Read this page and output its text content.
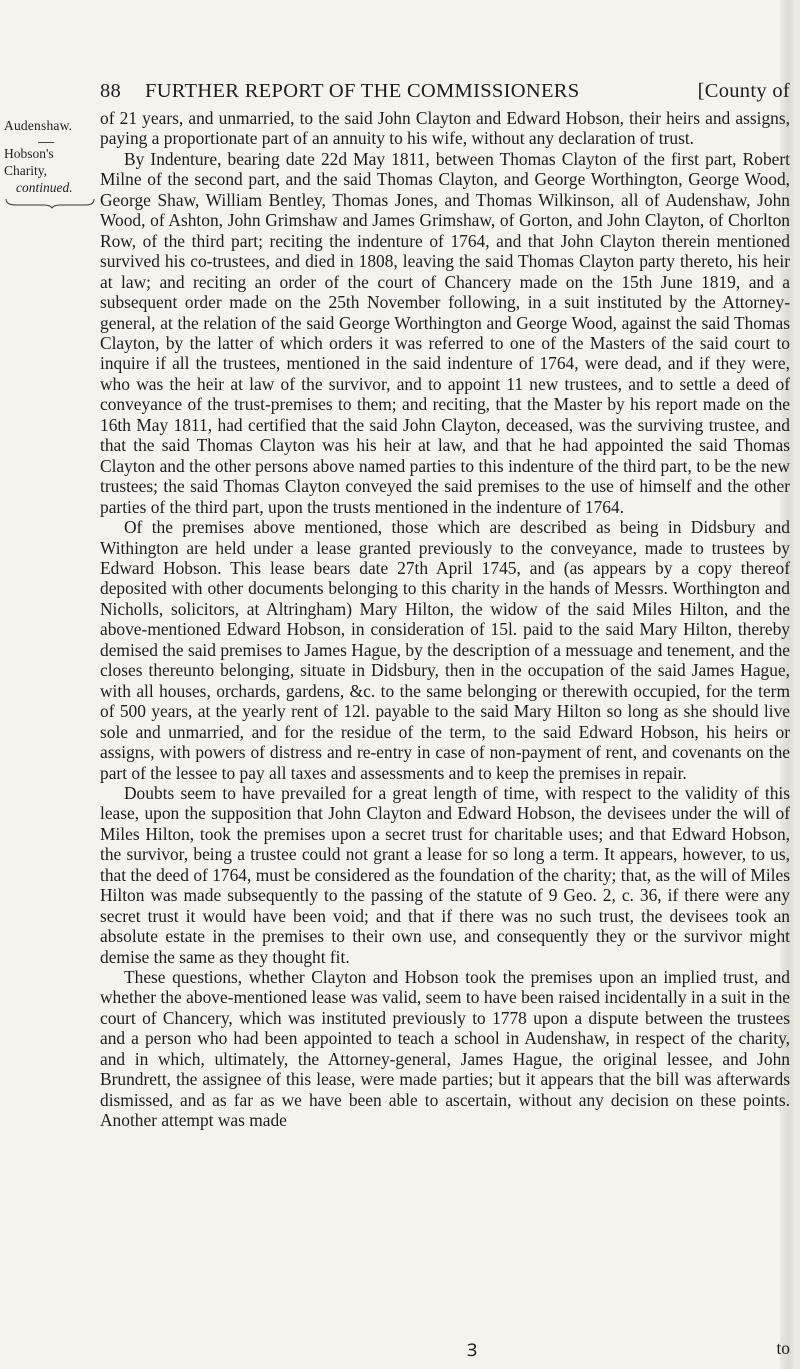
88 FURTHER REPORT OF THE COMMISSIONERS	[County of
Audenshaw.
Hobson's Charity,
continued.

of 21 years, and unmarried, to the said John Clayton and Edward Hobson, their heirs and assigns, paying a proportionate part of an annuity to his wife, without any declaration of trust.

By Indenture, bearing date 22d May 1811, between Thomas Clayton of the first part, Robert Milne of the second part, and the said Thomas Clayton, and George Worthington, George Wood, George Shaw, William Bentley, Thomas Jones, and Thomas Wilkinson, all of Audenshaw, John Wood, of Ashton, John Grimshaw and James Grimshaw, of Gorton, and John Clayton, of Chorlton Row, of the third part; reciting the indenture of 1764, and that John Clayton therein mentioned survived his co-trustees, and died in 1808, leaving the said Thomas Clayton party thereto, his heir at law; and reciting an order of the court of Chancery made on the 15th June 1819, and a subsequent order made on the 25th November following, in a suit instituted by the Attorney-general, at the relation of the said George Worthington and George Wood, against the said Thomas Clayton, by the latter of which orders it was referred to one of the Masters of the said court to inquire if all the trustees, mentioned in the said indenture of 1764, were dead, and if they were, who was the heir at law of the survivor, and to appoint 11 new trustees, and to settle a deed of conveyance of the trust-premises to them; and reciting, that the Master by his report made on the 16th May 1811, had certified that the said John Clayton, deceased, was the surviving trustee, and that the said Thomas Clayton was his heir at law, and that he had appointed the said Thomas Clayton and the other persons above named parties to this indenture of the third part, to be the new trustees; the said Thomas Clayton conveyed the said premises to the use of himself and the other parties of the third part, upon the trusts mentioned in the indenture of 1764.

Of the premises above mentioned, those which are described as being in Didsbury and Withington are held under a lease granted previously to the conveyance, made to trustees by Edward Hobson. This lease bears date 27th April 1745, and (as appears by a copy thereof deposited with other documents belonging to this charity in the hands of Messrs. Worthington and Nicholls, solicitors, at Altringham) Mary Hilton, the widow of the said Miles Hilton, and the above-mentioned Edward Hobson, in consideration of 15l. paid to the said Mary Hilton, thereby demised the said premises to James Hague, by the description of a messuage and tenement, and the closes thereunto belonging, situate in Didsbury, then in the occupation of the said James Hague, with all houses, orchards, gardens, &c. to the same belonging or therewith occupied, for the term of 500 years, at the yearly rent of 12l. payable to the said Mary Hilton so long as she should live sole and unmarried, and for the residue of the term, to the said Edward Hobson, his heirs or assigns, with powers of distress and re-entry in case of non-payment of rent, and covenants on the part of the lessee to pay all taxes and assessments and to keep the premises in repair.

Doubts seem to have prevailed for a great length of time, with respect to the validity of this lease, upon the supposition that John Clayton and Edward Hobson, the devisees under the will of Miles Hilton, took the premises upon a secret trust for charitable uses; and that Edward Hobson, the survivor, being a trustee could not grant a lease for so long a term. It appears, however, to us, that the deed of 1764, must be considered as the foundation of the charity; that, as the will of Miles Hilton was made subsequently to the passing of the statute of 9 Geo. 2, c. 36, if there were any secret trust it would have been void; and that if there was no such trust, the devisees took an absolute estate in the premises to their own use, and consequently they or the survivor might demise the same as they thought fit.

These questions, whether Clayton and Hobson took the premises upon an implied trust, and whether the above-mentioned lease was valid, seem to have been raised incidentally in a suit in the court of Chancery, which was instituted previously to 1778 upon a dispute between the trustees and a person who had been appointed to teach a school in Audenshaw, in respect of the charity, and in which, ultimately, the Attorney-general, James Hague, the original lessee, and John Brundrett, the assignee of this lease, were made parties; but it appears that the bill was afterwards dismissed, and as far as we have been able to ascertain, without any decision on these points. Another attempt was made

Ɜ	to
